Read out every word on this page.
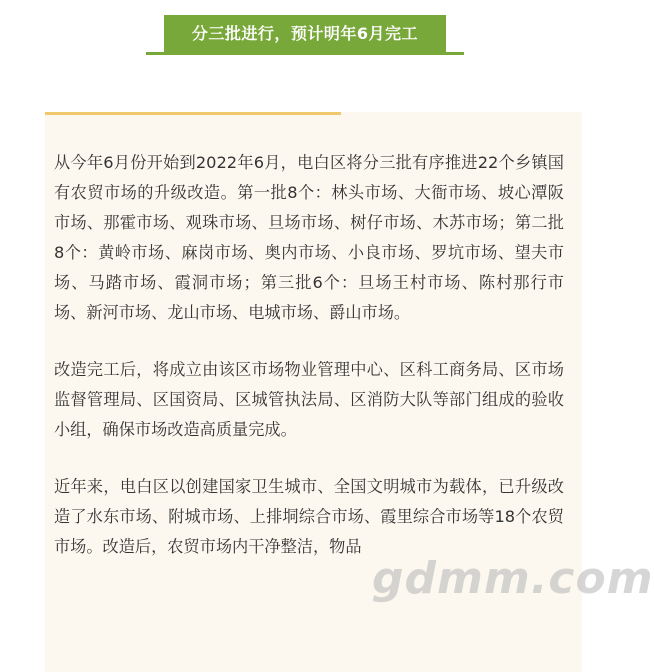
分三批进行，预计明年6月完工

从今年6月份开始到2022年6月，电白区将分三批有序推进22个乡镇国有农贸市场的升级改造。第一批8个：林头市场、大衙市场、坡心潭阪市场、那霍市场、观珠市场、旦场市场、树仔市场、木苏市场；第二批8个：黄岭市场、麻岗市场、奥内市场、小良市场、罗坑市场、望夫市场、马踏市场、霞洞市场；第三批6个：旦场王村市场、陈村那行市场、新河市场、龙山市场、电城市场、爵山市场。

改造完工后，将成立由该区市场物业管理中心、区科工商务局、区市场监督管理局、区国资局、区城管执法局、区消防大队等部门组成的验收小组，确保市场改造高质量完成。

近年来，电白区以创建国家卫生城市、全国文明城市为载体，已升级改造了水东市场、附城市场、上排垌综合市场、霞里综合市场等18个农贸市场。改造后，农贸市场内干净整洁，物品

gdmm.com
